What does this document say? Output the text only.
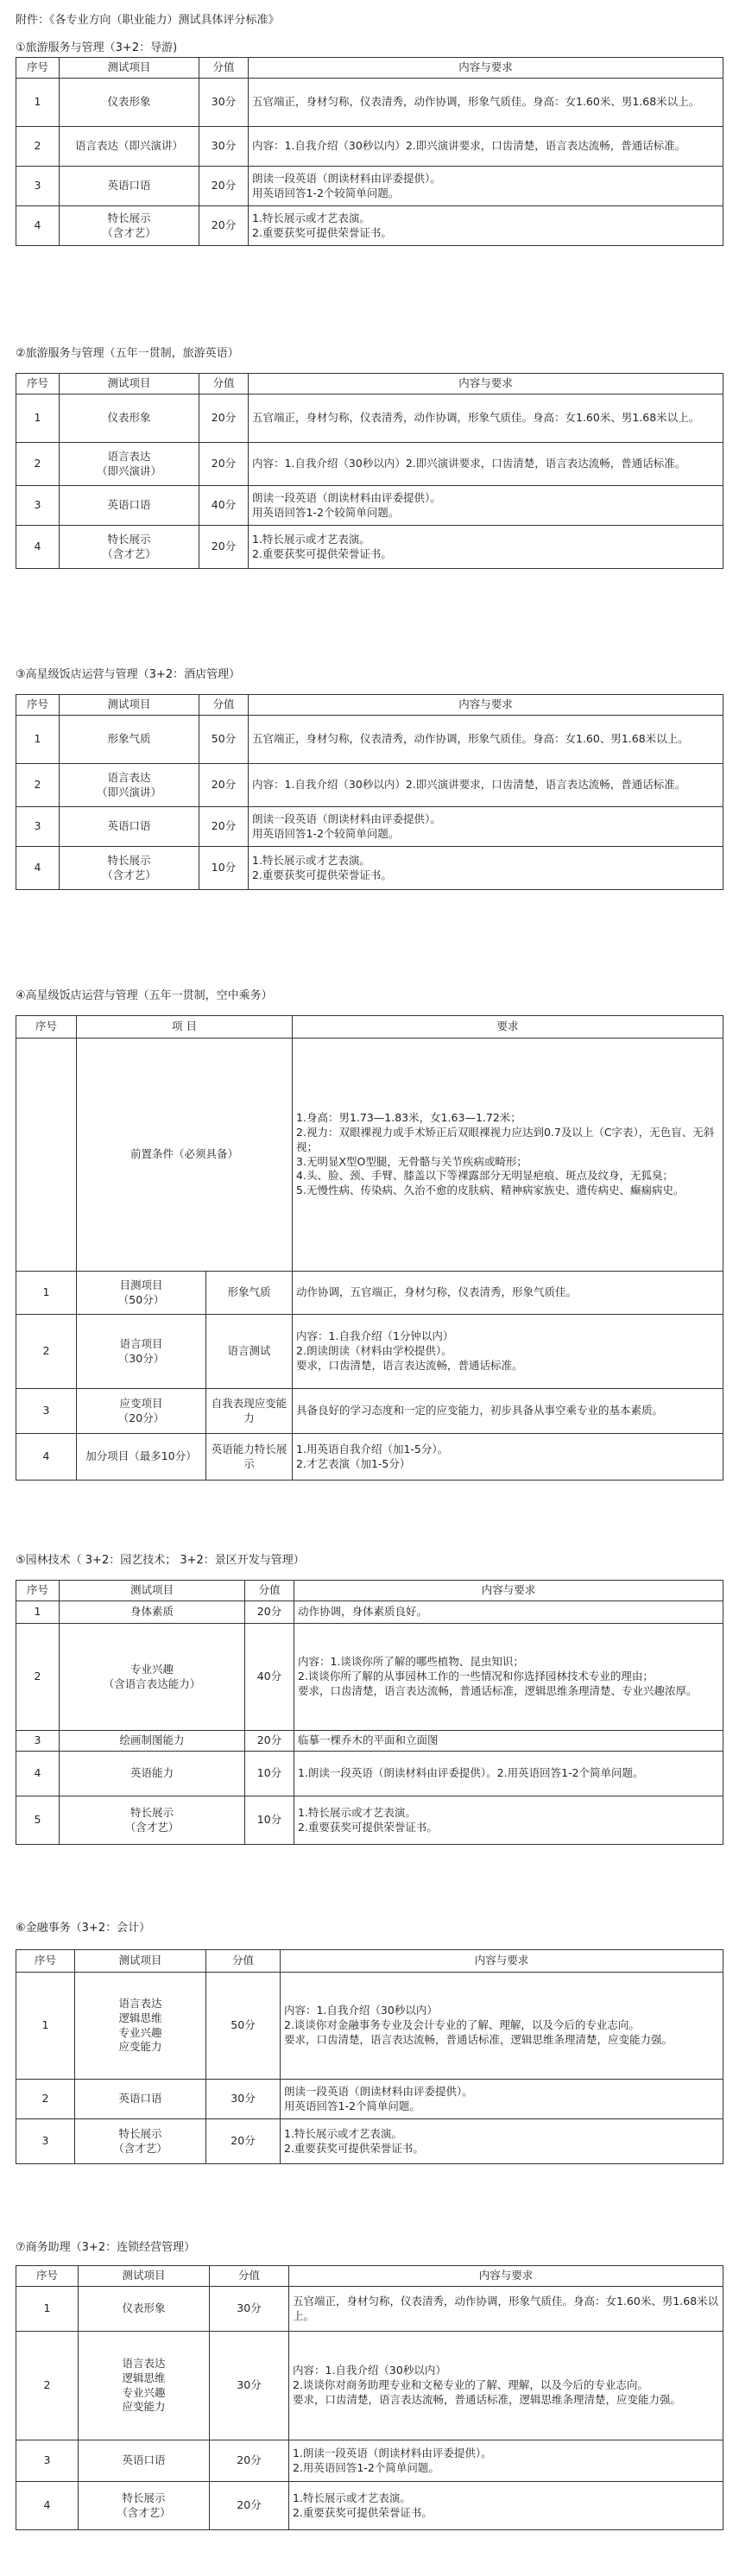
附件：《各专业方向（职业能力）测试具体评分标准》
①旅游服务与管理（3+2：导游)
序号	测试项目	分值	内容与要求
1	仪表形象	30分	五官端正，身材匀称，仪表清秀，动作协调，形象气质佳。身高：女1.60米、男1.68米以上。
2	语言表达（即兴演讲）	30分	内容：1.自我介绍（30秒以内）2.即兴演讲要求，口齿清楚，语言表达流畅，普通话标准。
3	英语口语	20分	朗读一段英语（朗读材料由评委提供）。
用英语回答1-2个较简单问题。
4	特长展示
（含才艺）	20分	1.特长展示或才艺表演。
2.重要获奖可提供荣誉证书。
②旅游服务与管理（五年一贯制，旅游英语）
序号	测试项目	分值	内容与要求
1	仪表形象	20分	五官端正，身材匀称，仪表清秀，动作协调，形象气质佳。身高：女1.60米、男1.68米以上。
2	语言表达
（即兴演讲）	20分	内容：1.自我介绍（30秒以内）2.即兴演讲要求，口齿清楚，语言表达流畅，普通话标准。
3	英语口语	40分	朗读一段英语（朗读材料由评委提供）。
用英语回答1-2个较简单问题。
4	特长展示
（含才艺）	20分	1.特长展示或才艺表演。
2.重要获奖可提供荣誉证书。
③高星级饭店运营与管理（3+2：酒店管理）
序号	测试项目	分值	内容与要求
1	形象气质	50分	五官端正，身材匀称，仪表清秀，动作协调，形象气质佳。身高：女1.60、男1.68米以上。
2	语言表达
（即兴演讲）	20分	内容：1.自我介绍（30秒以内）2.即兴演讲要求，口齿清楚，语言表达流畅，普通话标准。
3	英语口语	20分	朗读一段英语（朗读材料由评委提供）。
用英语回答1-2个较简单问题。
4	特长展示
（含才艺）	10分	1.特长展示或才艺表演。
2.重要获奖可提供荣誉证书。
④高星级饭店运营与管理（五年一贯制，空中乘务）
序号	项 目		要求
	前置条件（必须具备）		1.身高：男1.73—1.83米，女1.63—1.72米；
2.视力：双眼裸视力或手术矫正后双眼裸视力应达到0.7及以上（C字表），无色盲、无斜视；
3.无明显X型O型腿，无骨骼与关节疾病或畸形；
4.头、脸、颈、手臂、膝盖以下等裸露部分无明显疤痕、斑点及纹身，无狐臭；
5.无慢性病、传染病、久治不愈的皮肤病、精神病家族史、遗传病史、癫痫病史。
1	目测项目
（50分）	形象气质	动作协调，五官端正，身材匀称，仪表清秀，形象气质佳。
2	语言项目
（30分）	语言测试	内容：1.自我介绍（1分钟以内）
2.朗读朗读（材料由学校提供）。
要求，口齿清楚，语言表达流畅，普通话标准。
3	应变项目
（20分）	自我表现应变能力	具备良好的学习态度和一定的应变能力，初步具备从事空乘专业的基本素质。
4	加分项目（最多10分）	英语能力特长展示	1.用英语自我介绍（加1-5分）。
2.才艺表演（加1-5分）
⑤园林技术（ 3+2：园艺技术； 3+2：景区开发与管理）
序号	测试项目	分值	内容与要求
1	身体素质	20分	动作协调，身体素质良好。
2	专业兴趣
（含语言表达能力）	40分	内容：1.谈谈你所了解的哪些植物、昆虫知识；
2.谈谈你所了解的从事园林工作的一些情况和你选择园林技术专业的理由；
要求，口齿清楚，语言表达流畅，普通话标准，逻辑思维条理清楚、专业兴趣浓厚。
3	绘画制图能力	20分	临摹一棵乔木的平面和立面图
4	英语能力	10分	1.朗读一段英语（朗读材料由评委提供）。2.用英语回答1-2个简单问题。
5	特长展示
（含才艺）	10分	1.特长展示或才艺表演。
2.重要获奖可提供荣誉证书。
⑥金融事务（3+2：会计）
序号	测试项目	分值	内容与要求
1	语言表达
逻辑思维
专业兴趣
应变能力	50分	内容：1.自我介绍（30秒以内）
2.谈谈你对金融事务专业及会计专业的了解、理解，以及今后的专业志向。
要求，口齿清楚，语言表达流畅，普通话标准，逻辑思维条理清楚，应变能力强。
2	英语口语	30分	朗读一段英语（朗读材料由评委提供）。
用英语回答1-2个简单问题。
3	特长展示
（含才艺）	20分	1.特长展示或才艺表演。
2.重要获奖可提供荣誉证书。
⑦商务助理（3+2：连锁经营管理）
序号	测试项目	分值	内容与要求
1	仪表形象	30分	五官端正，身材匀称，仪表清秀，动作协调，形象气质佳。身高：女1.60米、男1.68米以上。
2	语言表达
逻辑思维
专业兴趣
应变能力	30分	内容：1.自我介绍（30秒以内）
2.谈谈你对商务助理专业和文秘专业的了解、理解，以及今后的专业志向。
要求，口齿清楚，语言表达流畅，普通话标准，逻辑思维条理清楚，应变能力强。
3	英语口语	20分	1.朗读一段英语（朗读材料由评委提供）。
2.用英语回答1-2个简单问题。
4	特长展示
（含才艺）	20分	1.特长展示或才艺表演。
2.重要获奖可提供荣誉证书。
